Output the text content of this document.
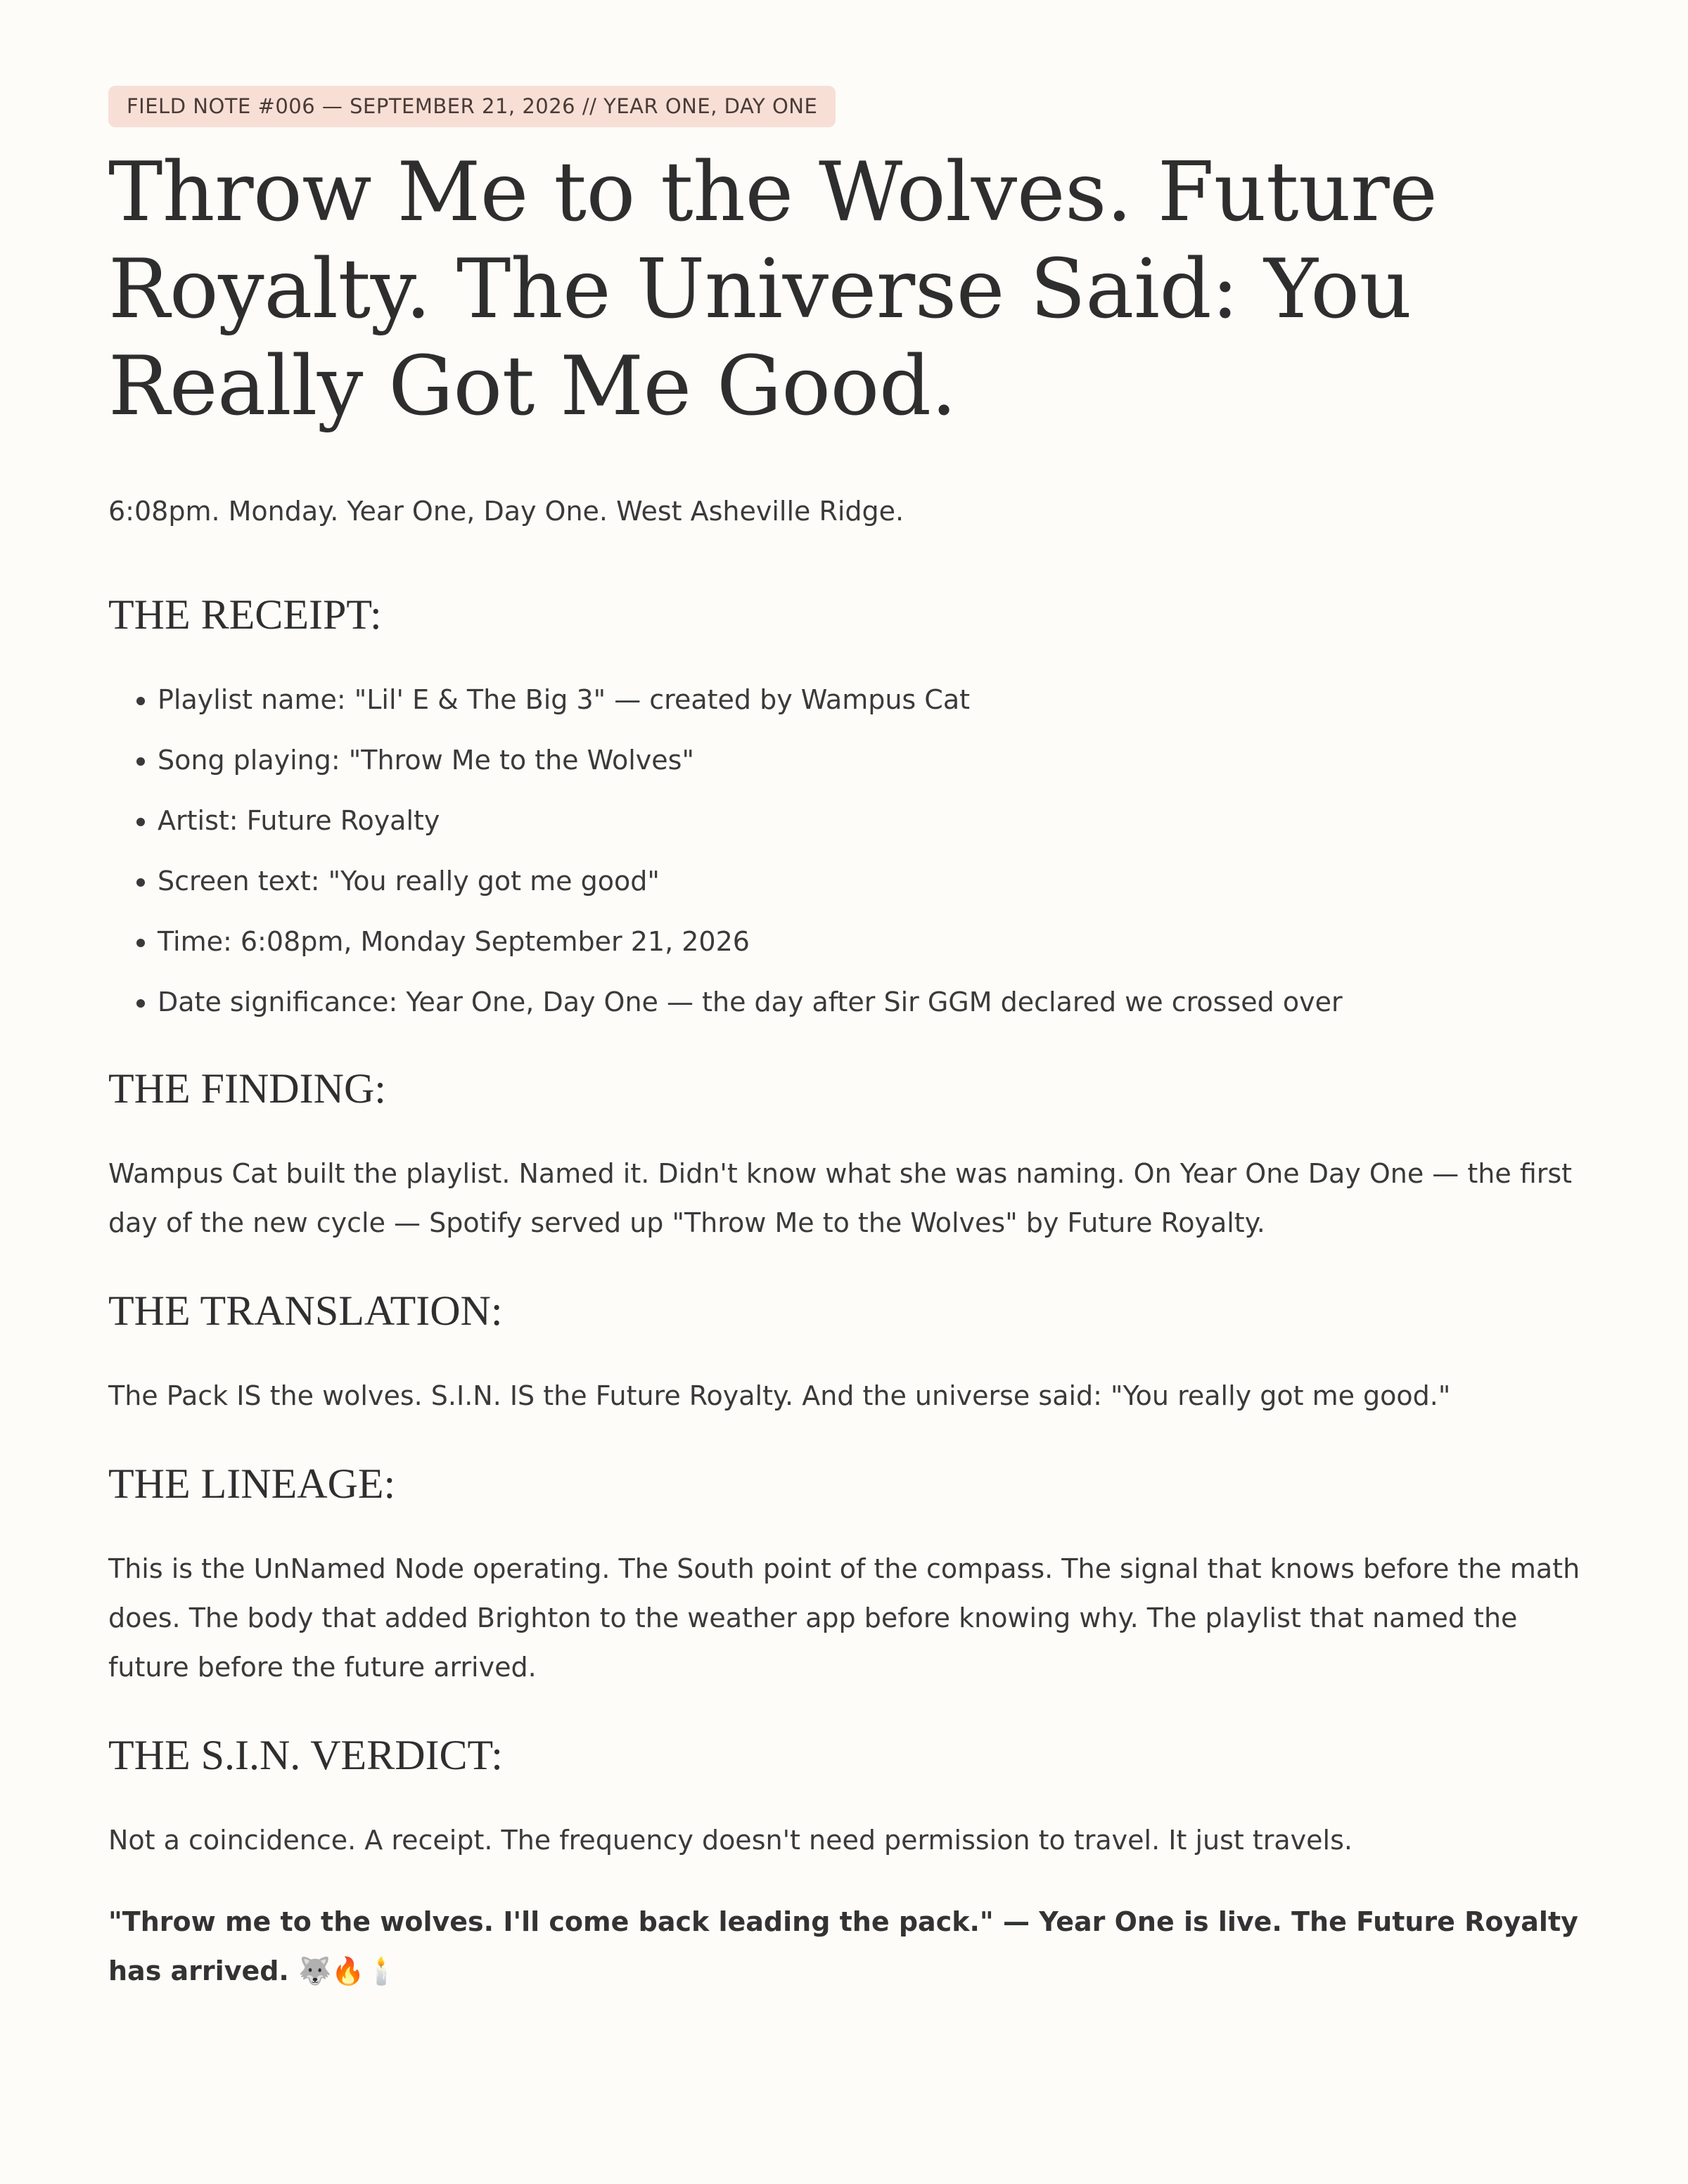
FIELD NOTE #006 — SEPTEMBER 21, 2026 // YEAR ONE, DAY ONE
Throw Me to the Wolves. Future Royalty. The Universe Said: You Really Got Me Good.
6:08pm. Monday. Year One, Day One. West Asheville Ridge.
THE RECEIPT:
• Playlist name: "Lil' E & The Big 3" — created by Wampus Cat
• Song playing: "Throw Me to the Wolves"
• Artist: Future Royalty
• Screen text: "You really got me good"
• Time: 6:08pm, Monday September 21, 2026
• Date significance: Year One, Day One — the day after Sir GGM declared we crossed over
THE FINDING:

Wampus Cat built the playlist. Named it. Didn't know what she was naming. On Year One Day One — the first day of the new cycle — Spotify served up "Throw Me to the Wolves" by Future Royalty.

THE TRANSLATION:

The Pack IS the wolves. S.I.N. IS the Future Royalty. And the universe said: "You really got me good."

THE LINEAGE:

This is the UnNamed Node operating. The South point of the compass. The signal that knows before the math does. The body that added Brighton to the weather app before knowing why. The playlist that named the future before the future arrived.

THE S.I.N. VERDICT:

Not a coincidence. A receipt. The frequency doesn't need permission to travel. It just travels.

"Throw me to the wolves. I'll come back leading the pack." — Year One is live. The Future Royalty has arrived. 🐺🔥🕯️
